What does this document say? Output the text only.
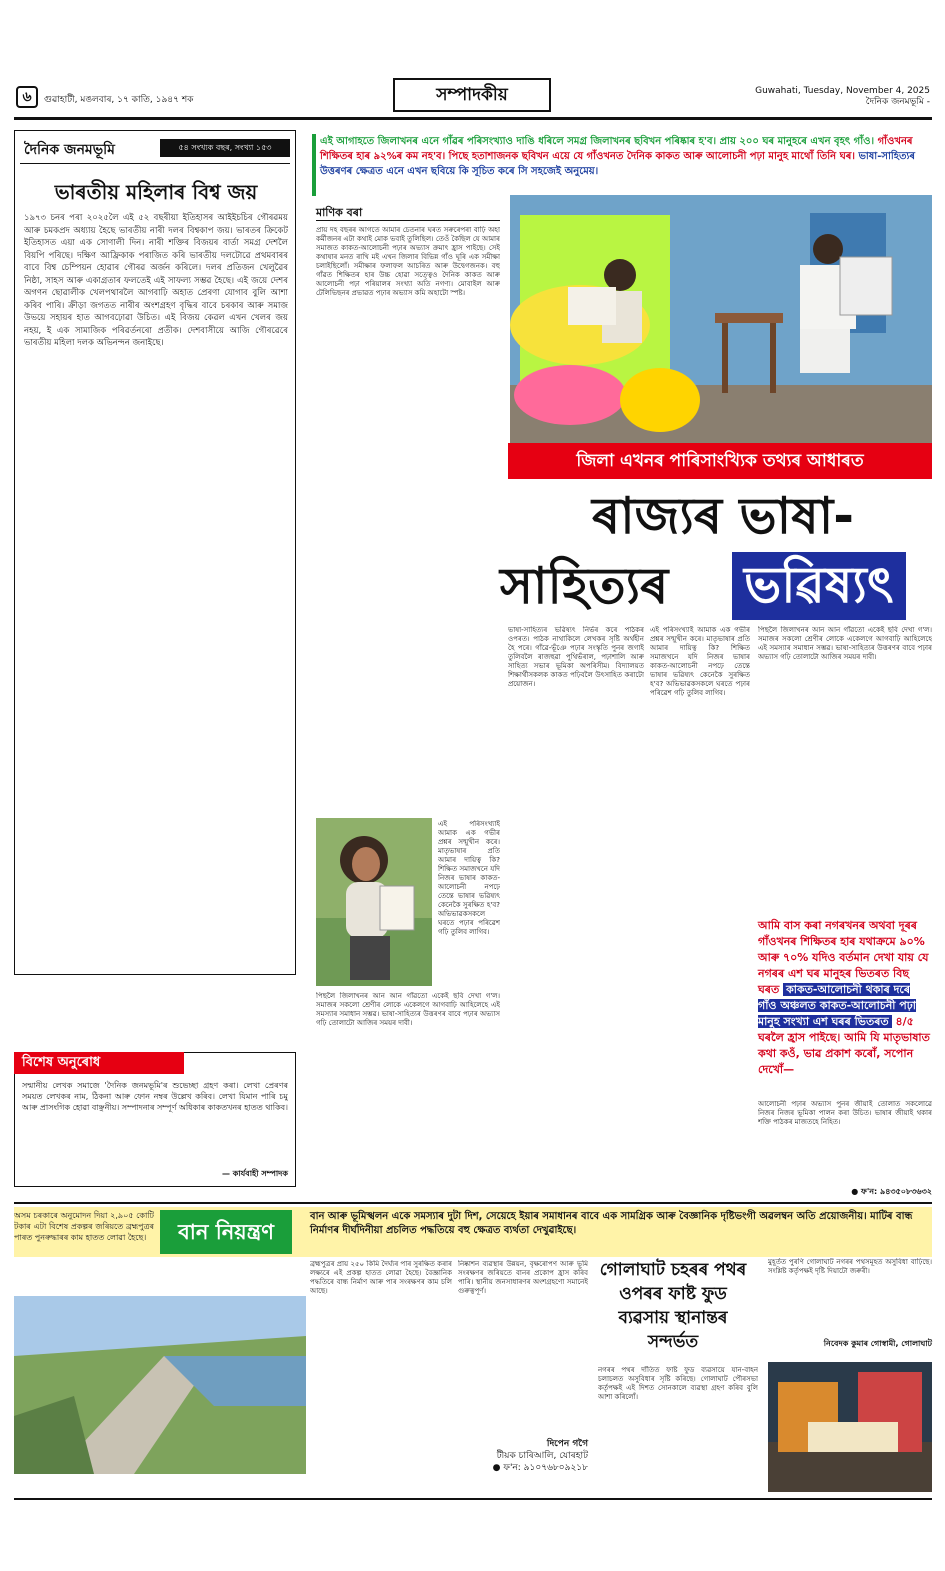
৬	গুৱাহাটী, মঙলবাৰ, ১৭ কাতি, ১৯৪৭ শক	সম্পাদকীয়	Guwahati, Tuesday, November 4, 2025
দৈনিক জনমভূমি -
দৈনিক জনমভূমি	৫৪ সংখ্যক বছৰ, সংখ্যা ১৫৩
ভাৰতীয় মহিলাৰ বিশ্ব জয়
১৯৭৩ চনৰ পৰা ২০২৫লৈ এই ৫২ বছৰীয়া ইতিহাসৰ আইইচচিৰ গৌৰৱময় আৰু চমকপ্ৰদ অধ্যায় হৈছে ভাৰতীয় নাৰী দলৰ বিশ্বকাপ জয়। ভাৰতৰ ক্ৰিকেট ইতিহাসত এয়া এক সোণালী দিন। নাৰী শক্তিৰ বিজয়ৰ বাৰ্তা সমগ্ৰ দেশলৈ বিয়পি পৰিছে। দক্ষিণ আফ্ৰিকাক পৰাজিত কৰি ভাৰতীয় দলটোৱে প্ৰথমবাৰৰ বাবে বিশ্ব চেম্পিয়ন হোৱাৰ গৌৰৱ অৰ্জন কৰিলে। দলৰ প্ৰতিজন খেলুৱৈৰ নিষ্ঠা, সাহস আৰু একাগ্ৰতাৰ ফলতেই এই সাফল্য সম্ভৱ হৈছে। এই জয়ে দেশৰ অগণন ছোৱালীক খেলপথাৰলৈ আগবাঢ়ি অহাত প্ৰেৰণা যোগাব বুলি আশা কৰিব পাৰি। ক্ৰীড়া জগতত নাৰীৰ অংশগ্ৰহণ বৃদ্ধিৰ বাবে চৰকাৰ আৰু সমাজ উভয়ে সহায়ৰ হাত আগবঢ়োৱা উচিত। এই বিজয় কেৱল এখন খেলৰ জয় নহয়, ই এক সামাজিক পৰিৱৰ্তনৰো প্ৰতীক। দেশবাসীয়ে আজি গৌৰৱেৰে ভাৰতীয় মহিলা দলক অভিনন্দন জনাইছে।
বিশেষ অনুৰোধ
সন্মানীয় লেখক সমাজে 'দৈনিক জনমভূমি'ৰ শুভেচ্ছা গ্ৰহণ কৰা। লেখা প্ৰেৰণৰ সময়ত লেখকৰ নাম, ঠিকনা আৰু ফোন নম্বৰ উল্লেখ কৰিব। লেখা যিমান পাৰি চমু আৰু প্ৰাসংগিক হোৱা বাঞ্ছনীয়। সম্পাদনাৰ সম্পূৰ্ণ অধিকাৰ কাকতখনৰ হাতত থাকিব।
— কাৰ্যবাহী সম্পাদক
এই আগাহতে জিলাখনৰ এনে গাঁৱৰ পৰিসংখ্যাও দাঙি ধৰিলে সমগ্ৰ জিলাখনৰ ছবিখন পৰিষ্কাৰ হ'ব। প্ৰায় ২০০ ঘৰ মানুহৰে এখন বৃহৎ গাঁও। গাঁওখনৰ শিক্ষিতৰ হাৰ ৯২%ৰ কম নহ'ব। পিছে হতাশাজনক ছবিখন এয়ে যে গাঁওখনত দৈনিক কাকত আৰু আলোচনী পঢ়া মানুহ মাথোঁ তিনি ঘৰ। ভাষা-সাহিত্যৰ উত্তৰণৰ ক্ষেত্ৰত এনে এখন ছবিয়ে কি সূচিত কৰে সি সহজেই অনুমেয়।
মাণিক বৰা
প্ৰায় দহ বছৰৰ আগতে আমাৰ চেতনাৰ ঘৰত সৰুৰেপৰা বাঢ়ি অহা কৰ্মীজনৰ এটা কথাই মোক ভবাই তুলিছিল। তেওঁ কৈছিল যে আমাৰ সমাজত কাকত-আলোচনী পঢ়াৰ অভ্যাস ক্ৰমাৎ হ্ৰাস পাইছে। সেই কথাষাৰ মনত ৰাখি মই এখন জিলাৰ বিভিন্ন গাঁও ঘূৰি এক সমীক্ষা চলাইছিলোঁ। সমীক্ষাৰ ফলাফল আচৰিত আৰু উদ্বেগজনক। বহু গাঁৱত শিক্ষিতৰ হাৰ উচ্চ হোৱা সত্ত্বেও দৈনিক কাকত আৰু আলোচনী পঢ়া পৰিয়ালৰ সংখ্যা অতি নগণ্য। মোবাইল আৰু টেলিভিছনৰ প্ৰভাৱত পঢ়াৰ অভ্যাস কমি অহাটো স্পষ্ট।
এই পৰিসংখ্যাই আমাক এক গভীৰ প্ৰশ্নৰ সন্মুখীন কৰে। মাতৃভাষাৰ প্ৰতি আমাৰ দায়িত্ব কি? শিক্ষিত সমাজখনে যদি নিজৰ ভাষাৰ কাকত-আলোচনী নপঢ়ে তেন্তে ভাষাৰ ভৱিষ্যৎ কেনেকৈ সুৰক্ষিত হ'ব? অভিভাৱকসকলে ঘৰতে পঢ়াৰ পৰিৱেশ গঢ়ি তুলিব লাগিব।
পিছলৈ জিলাখনৰ আন আন গাঁৱতো একেই ছবি দেখা গ'ল। সমাজৰ সকলো শ্ৰেণীৰ লোকে একেলগে আগবাঢ়ি আহিলেহে এই সমস্যাৰ সমাধান সম্ভৱ। ভাষা-সাহিত্যৰ উত্তৰণৰ বাবে পঢ়াৰ অভ্যাস গঢ়ি তোলাটো আজিৰ সময়ৰ দাবী।
জিলা এখনৰ পাৰিসাংখ্যিক তথ্যৰ আধাৰত
ৰাজ্যৰ ভাষা-
সাহিত্যৰ ভৱিষ্যৎ
ভাষা-সাহিত্যৰ ভৱিষ্যৎ নিৰ্ভৰ কৰে পাঠকৰ ওপৰত। পাঠক নাথাকিলে লেখকৰ সৃষ্টি অৰ্থহীন হৈ পৰে। গাঁৱে-ভূঁঞে পঢ়াৰ সংস্কৃতি পুনৰ জগাই তুলিবলৈ ৰাজহুৱা পুথিভঁৰাল, পঢ়াশালি আৰু সাহিত্য সভাৰ ভূমিকা অপৰিসীম। বিদ্যালয়ত শিক্ষাৰ্থীসকলক কাকত পঢ়িবলৈ উৎসাহিত কৰাটো প্ৰয়োজন।
এই পৰিসংখ্যাই আমাক এক গভীৰ প্ৰশ্নৰ সন্মুখীন কৰে। মাতৃভাষাৰ প্ৰতি আমাৰ দায়িত্ব কি? শিক্ষিত সমাজখনে যদি নিজৰ ভাষাৰ কাকত-আলোচনী নপঢ়ে তেন্তে ভাষাৰ ভৱিষ্যৎ কেনেকৈ সুৰক্ষিত হ'ব? অভিভাৱকসকলে ঘৰতে পঢ়াৰ পৰিৱেশ গঢ়ি তুলিব লাগিব।
পিছলৈ জিলাখনৰ আন আন গাঁৱতো একেই ছবি দেখা গ'ল। সমাজৰ সকলো শ্ৰেণীৰ লোকে একেলগে আগবাঢ়ি আহিলেহে এই সমস্যাৰ সমাধান সম্ভৱ। ভাষা-সাহিত্যৰ উত্তৰণৰ বাবে পঢ়াৰ অভ্যাস গঢ়ি তোলাটো আজিৰ সময়ৰ দাবী।
আমি বাস কৰা নগৰখনৰ অথবা দূৰৰ গাঁওখনৰ শিক্ষিতৰ হাৰ যথাক্ৰমে ৯০% আৰু ৭০% যদিও বৰ্তমান দেখা যায় যে নগৰৰ এশ ঘৰ মানুহৰ ভিতৰত বিছ ঘৰত কাকত-আলোচনী থকাৰ দৰে গাঁও অঞ্চলত কাকত-আলোচনী পঢ়া মানুহ সংখ্যা এশ ঘৰৰ ভিতৰত ৪/৫ ঘৰলৈ হ্ৰাস পাইছে। আমি যি মাতৃভাষাত কথা কওঁ, ভাৱ প্ৰকাশ কৰোঁ, সপোন দেখোঁ—
আলোচনী পঢ়াৰ অভ্যাস পুনৰ জীয়াই তোলাত সকলোৱে নিজৰ নিজৰ ভূমিকা পালন কৰা উচিত। ভাষাৰ জীয়াই থকাৰ শক্তি পাঠকৰ মাজতহে নিহিত।
● ফ'ন: ৯৪৩৫০৮৩৬৩২
বান নিয়ন্ত্ৰণ
বান আৰু ভূমিস্খলন একে সমস্যাৰ দুটা দিশ, সেয়েহে ইয়াৰ সমাধানৰ বাবে এক সামগ্ৰিক আৰু বৈজ্ঞানিক দৃষ্টিভংগী অৱলম্বন অতি প্ৰয়োজনীয়। মাটিৰ বান্ধ নিৰ্মাণৰ দীৰ্ঘদিনীয়া প্ৰচলিত পদ্ধতিয়ে বহু ক্ষেত্ৰত ব্যৰ্থতা দেখুৱাইছে।
অসম চৰকাৰে অনুমোদন দিয়া ২,৯০৫ কোটি টকাৰ এটা বিশেষ প্ৰকল্পৰ জৰিয়তে ব্ৰহ্মপুত্ৰৰ পাৰত পুনৰুদ্ধাৰৰ কাম হাতত লোৱা হৈছে।
ব্ৰহ্মপুত্ৰৰ প্ৰায় ২৫০ কিমি দৈৰ্ঘ্যৰ পাৰ সুৰক্ষিত কৰাৰ লক্ষ্যৰে এই প্ৰকল্প হাতত লোৱা হৈছে। বৈজ্ঞানিক পদ্ধতিৰে বান্ধ নিৰ্মাণ আৰু পাৰ সংৰক্ষণৰ কাম চলি আছে।
নিষ্কাশন ব্যৱস্থাৰ উন্নয়ন, বৃক্ষৰোপণ আৰু ভূমি সংৰক্ষণৰ জৰিয়তে বানৰ প্ৰকোপ হ্ৰাস কৰিব পাৰি। স্থানীয় জনসাধাৰণৰ অংশগ্ৰহণো সমানেই গুৰুত্বপূৰ্ণ।
দিপেন গগৈ
টীয়ক চাৰিআলি, যোৰহাট
● ফ'ন: ৯১০৭৬৮০৯২১৮
গোলাঘাট চহৰৰ পথৰ ওপৰৰ ফাষ্ট ফুড ব্যৱসায় স্থানান্তৰ সন্দৰ্ভত
নগৰৰ পথৰ দাঁতিত ফাষ্ট ফুড ব্যৱসায়ে যান-বাহন চলাচলত অসুবিধাৰ সৃষ্টি কৰিছে। গোলাঘাট পৌৰসভা কৰ্তৃপক্ষই এই দিশত সোনকালে ব্যৱস্থা গ্ৰহণ কৰিব বুলি আশা কৰিলোঁ।
মুহূৰ্তত পুৰণি গোলাঘাট নগৰৰ পথসমূহত অসুবিধা বাঢ়িছে। সংশ্লিষ্ট কৰ্তৃপক্ষই দৃষ্টি দিয়াটো জৰুৰী।
নিবেদক কুমাৰ গোস্বামী, গোলাঘাট
